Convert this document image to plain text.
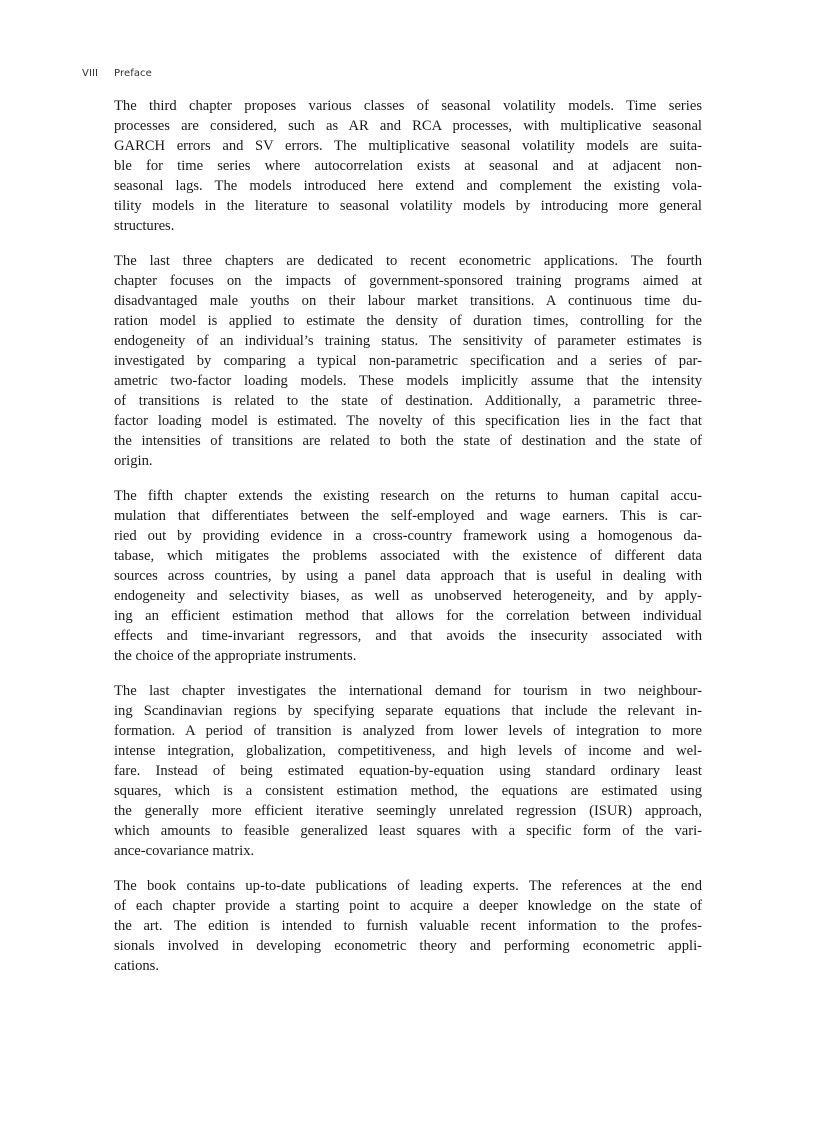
VIII Preface
The third chapter proposes various classes of seasonal volatility models. Time series
processes are considered, such as AR and RCA processes, with multiplicative seasonal
GARCH errors and SV errors. The multiplicative seasonal volatility models are suita-
ble for time series where autocorrelation exists at seasonal and at adjacent non-
seasonal lags. The models introduced here extend and complement the existing vola-
tility models in the literature to seasonal volatility models by introducing more general
structures.
The last three chapters are dedicated to recent econometric applications. The fourth
chapter focuses on the impacts of government-sponsored training programs aimed at
disadvantaged male youths on their labour market transitions. A continuous time du-
ration model is applied to estimate the density of duration times, controlling for the
endogeneity of an individual’s training status. The sensitivity of parameter estimates is
investigated by comparing a typical non-parametric specification and a series of par-
ametric two-factor loading models. These models implicitly assume that the intensity
of transitions is related to the state of destination. Additionally, a parametric three-
factor loading model is estimated. The novelty of this specification lies in the fact that
the intensities of transitions are related to both the state of destination and the state of
origin.
The fifth chapter extends the existing research on the returns to human capital accu-
mulation that differentiates between the self-employed and wage earners. This is car-
ried out by providing evidence in a cross-country framework using a homogenous da-
tabase, which mitigates the problems associated with the existence of different data
sources across countries, by using a panel data approach that is useful in dealing with
endogeneity and selectivity biases, as well as unobserved heterogeneity, and by apply-
ing an efficient estimation method that allows for the correlation between individual
effects and time-invariant regressors, and that avoids the insecurity associated with
the choice of the appropriate instruments.
The last chapter investigates the international demand for tourism in two neighbour-
ing Scandinavian regions by specifying separate equations that include the relevant in-
formation. A period of transition is analyzed from lower levels of integration to more
intense integration, globalization, competitiveness, and high levels of income and wel-
fare. Instead of being estimated equation-by-equation using standard ordinary least
squares, which is a consistent estimation method, the equations are estimated using
the generally more efficient iterative seemingly unrelated regression (ISUR) approach,
which amounts to feasible generalized least squares with a specific form of the vari-
ance-covariance matrix.
The book contains up-to-date publications of leading experts. The references at the end
of each chapter provide a starting point to acquire a deeper knowledge on the state of
the art. The edition is intended to furnish valuable recent information to the profes-
sionals involved in developing econometric theory and performing econometric appli-
cations.
